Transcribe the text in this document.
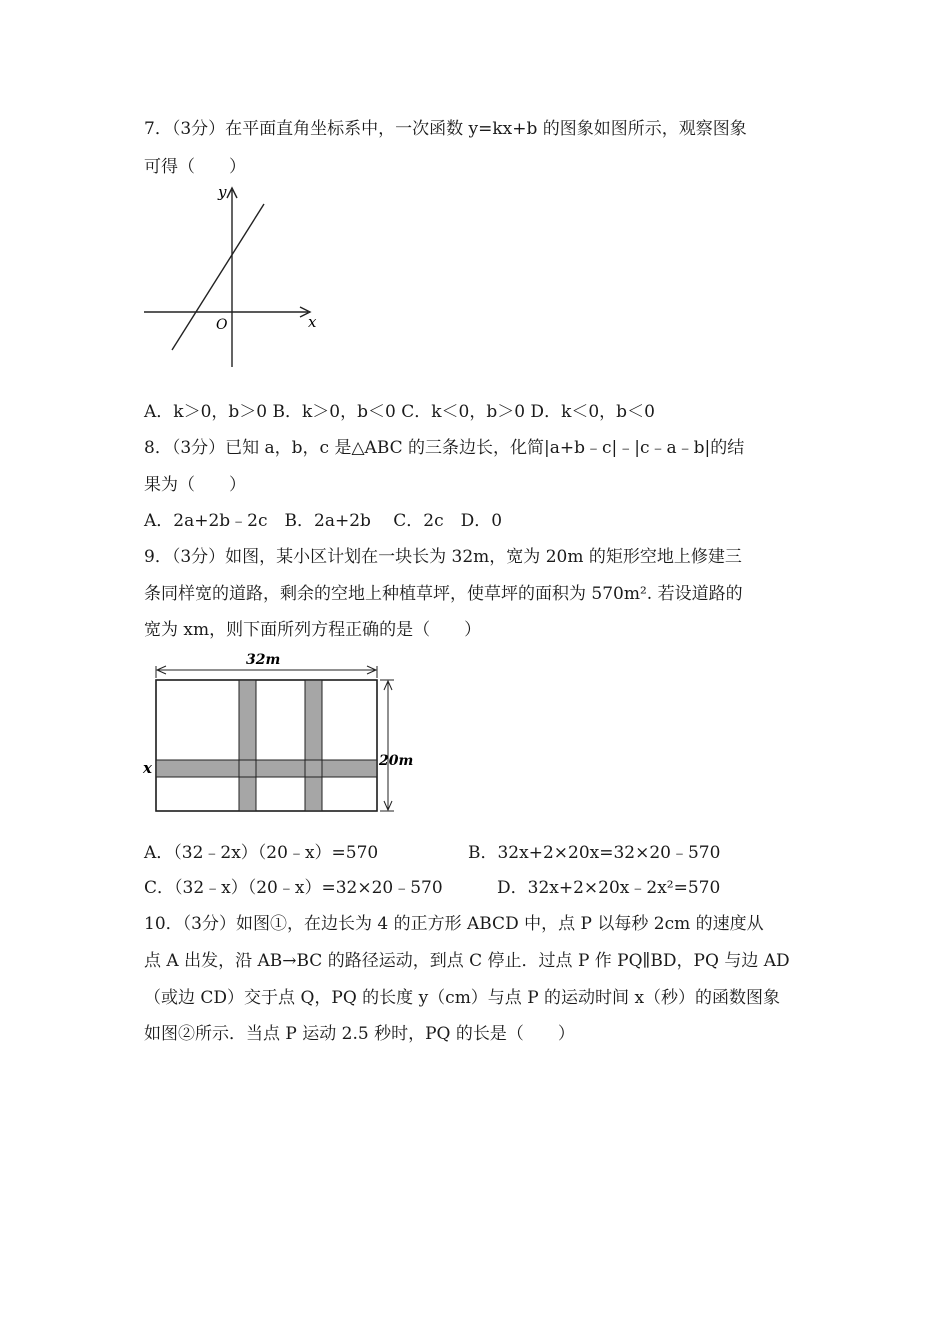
7．（3分）在平面直角坐标系中，一次函数 y=kx+b 的图象如图所示，观察图象
可得（　　）
y
x
O
A．k＞0，b＞0 B．k＞0，b＜0 C．k＜0，b＞0 D．k＜0，b＜0
8．（3分）已知 a，b，c 是△ABC 的三条边长，化简|a+b﹣c|﹣|c﹣a﹣b|的结
果为（　　）
A．2a+2b﹣2c　B．2a+2b　 C．2c　D．0
9．（3分）如图，某小区计划在一块长为 32m，宽为 20m 的矩形空地上修建三
条同样宽的道路，剩余的空地上种植草坪，使草坪的面积为 570m². 若设道路的
宽为 xm，则下面所列方程正确的是（　　）
32m
20m
x
A．（32﹣2x）（20﹣x）=570	B．32x+2×20x=32×20﹣570
C．（32﹣x）（20﹣x）=32×20﹣570	D．32x+2×20x﹣2x²=570
10．（3分）如图①，在边长为 4 的正方形 ABCD 中，点 P 以每秒 2cm 的速度从
点 A 出发，沿 AB→BC 的路径运动，到点 C 停止．过点 P 作 PQ∥BD，PQ 与边 AD
（或边 CD）交于点 Q，PQ 的长度 y（cm）与点 P 的运动时间 x（秒）的函数图象
如图②所示．当点 P 运动 2.5 秒时，PQ 的长是（　　）
